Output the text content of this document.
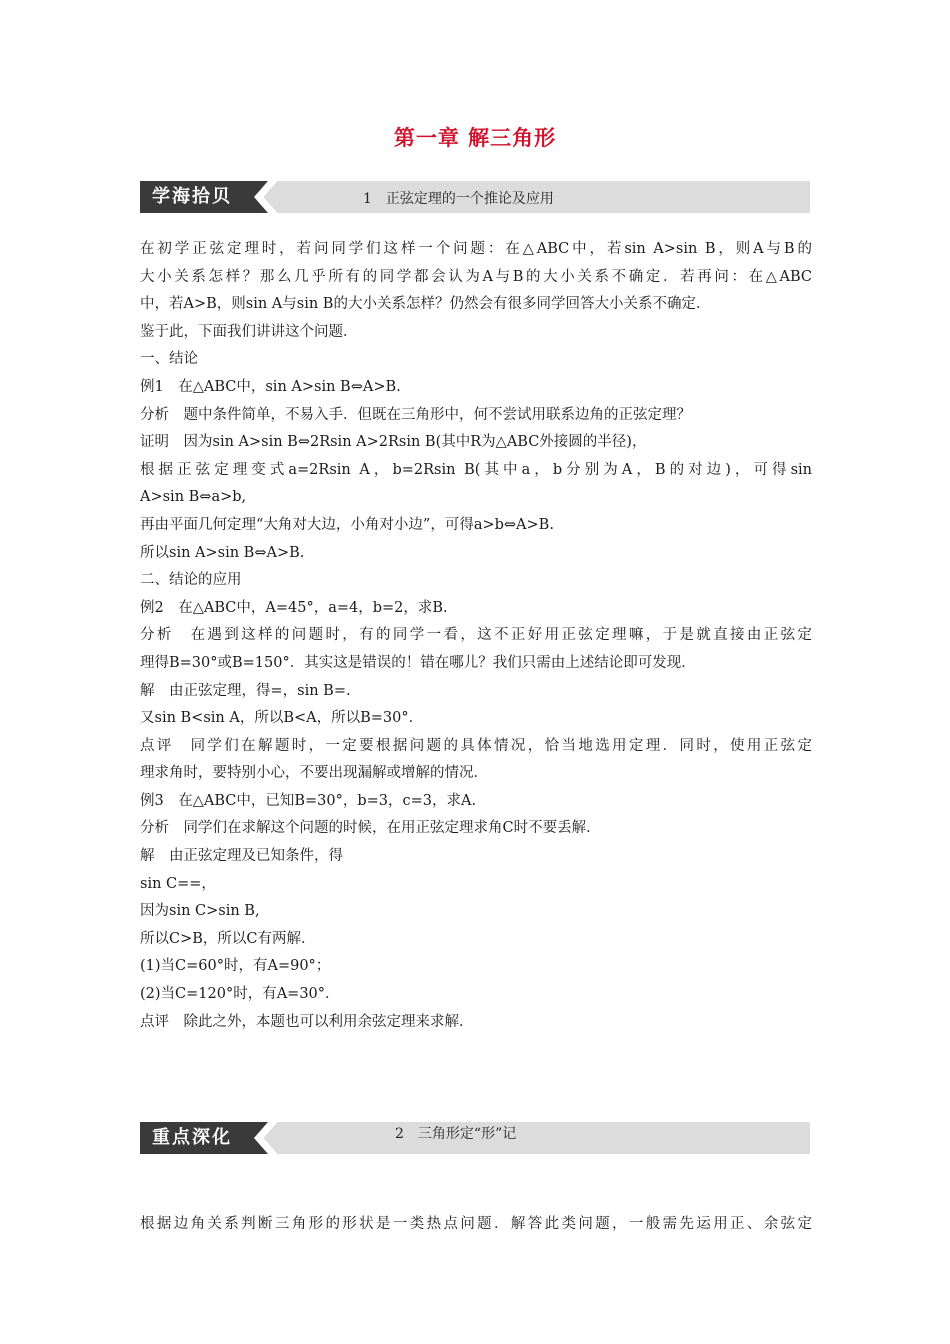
第一章 解三角形
学海拾贝	1　正弦定理的一个推论及应用

在初学正弦定理时，若问同学们这样一个问题：在△ABC中，若sin A>sin B，则A与B的

大小关系怎样？那么几乎所有的同学都会认为A与B的大小关系不确定．若再问：在△ABC

中，若A>B，则sin A与sin B的大小关系怎样？仍然会有很多同学回答大小关系不确定．

鉴于此，下面我们讲讲这个问题．

一、结论

例1　在△ABC中，sin A>sin B⇔A>B.

分析　题中条件简单，不易入手．但既在三角形中，何不尝试用联系边角的正弦定理？

证明　因为sin A>sin B⇔2Rsin A>2Rsin B(其中R为△ABC外接圆的半径)，

根据正弦定理变式a=2Rsin A，b=2Rsin B(其中a，b分别为A，B的对边)，可得sin

A>sin B⇔a>b,

再由平面几何定理“大角对大边，小角对小边”，可得a>b⇔A>B.

所以sin A>sin B⇔A>B.

二、结论的应用

例2　在△ABC中，A=45°，a=4，b=2，求B.

分析　在遇到这样的问题时，有的同学一看，这不正好用正弦定理嘛，于是就直接由正弦定

理得B=30°或B=150°．其实这是错误的！错在哪儿？我们只需由上述结论即可发现．

解　由正弦定理，得=，sin B=.

又sin B<sin A，所以B<A，所以B=30°．

点评　同学们在解题时，一定要根据问题的具体情况，恰当地选用定理．同时，使用正弦定

理求角时，要特别小心，不要出现漏解或增解的情况．

例3　在△ABC中，已知B=30°，b=3，c=3，求A.

分析　同学们在求解这个问题的时候，在用正弦定理求角C时不要丢解．

解　由正弦定理及已知条件，得

sin C==，

因为sin C>sin B,

所以C>B，所以C有两解．

(1)当C=60°时，有A=90°；

(2)当C=120°时，有A=30°．

点评　除此之外，本题也可以利用余弦定理来求解．

重点深化	2　三角形定“形”记

根据边角关系判断三角形的形状是一类热点问题．解答此类问题，一般需先运用正、余弦定
